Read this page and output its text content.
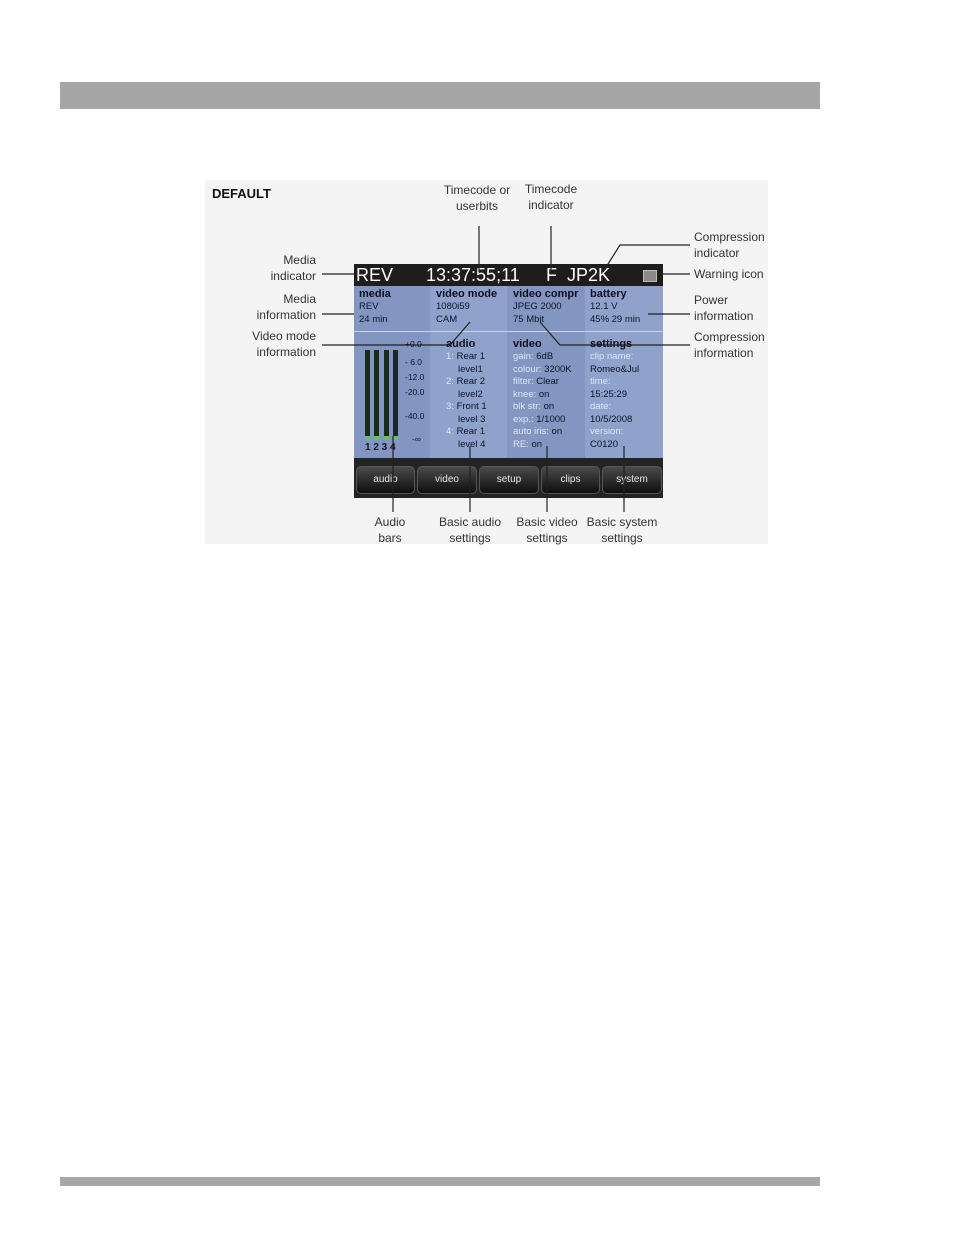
DEFAULT	Timecode or
userbits
Timecode
indicator
Compression
indicator
Media
indicator	Warning icon
Media
information
Power
information
Video mode
information
Compression
information
Audio
bars
Basic audio
settings
Basic video
settings
Basic system
settings
REV 13:37:55;11 F JP2K
media
REV
24 min
video mode
1080i59
CAM
video compr
JPEG 2000
75 Mbit
battery
12.1 V
45% 29 min
+0.0
- 6.0
-12.0
-20.0
-40.0
-∞
1 2 3 4
audio
1: Rear 1
level1
2: Rear 2
level2
3: Front 1
level 3
4: Rear 1
level 4
video
gain: 6dB
colour: 3200K
filter: Clear
knee: on
blk str: on
exp.: 1/1000
auto iris: on
RE: on
settings
clip name:
Romeo&Jul
time:
15:25:29
date:
10/5/2008
version:
C0120
audio	video	setup	clips	system
